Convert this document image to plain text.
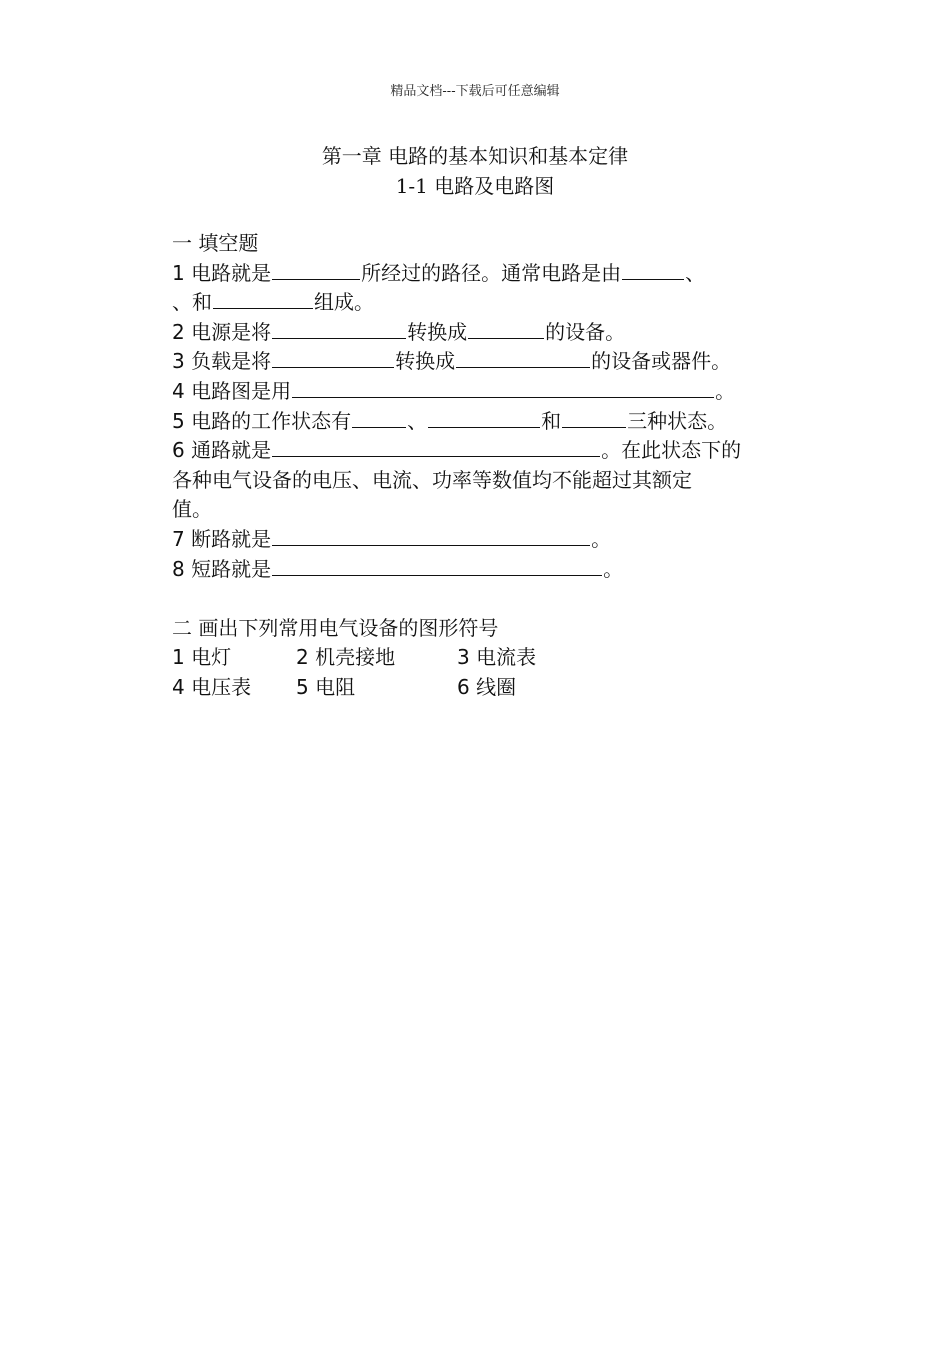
精品文档---下载后可任意编辑
第一章 电路的基本知识和基本定律
1-1 电路及电路图
一 填空题
1 电路就是	所经过的路径。通常电路是由	、
、和	组成。
2 电源是将	转换成	的设备。
3 负载是将	转换成	的设备或器件。
4 电路图是用	。
5 电路的工作状态有	、	和	三种状态。
6 通路就是	。在此状态下的
各种电气设备的电压、电流、功率等数值均不能超过其额定
值。
7 断路就是	。
8 短路就是	。
二 画出下列常用电气设备的图形符号
1 电灯	2 机壳接地	3 电流表
4 电压表 5 电阻	6 线圈
